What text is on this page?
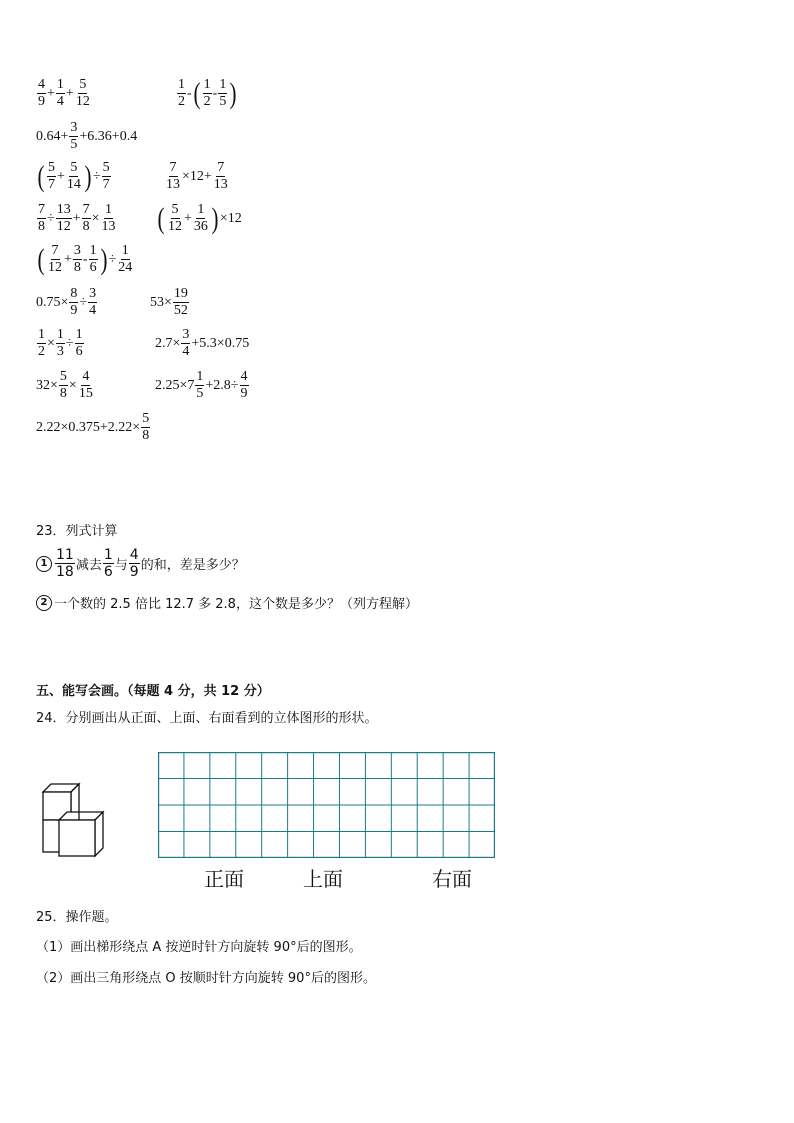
$\frac{4}{9} + \frac{1}{4} + \frac{5}{12}$	$\frac{1}{2}$ - ( $\frac{1}{2} - \frac{1}{5}$ )
$0.64+ \frac{3}{5} +6.36+0.4$
( $\frac{5}{7} + \frac{5}{14}$ ) ÷ $\frac{5}{7}$	$\frac{7}{13} \times 12+ \frac{7}{13}$
$\frac{7}{8} \div \frac{13}{12} + \frac{7}{8} \times \frac{1}{13}$ ( $\frac{5}{12} + \frac{1}{36}$ ) ×12
( $\frac{7}{12} + \frac{3}{8} - \frac{1}{6}$ ) ÷ $\frac{1}{24}$
$0.75\times \frac{8}{9} \div \frac{3}{4}$	$53\times \frac{19}{52}$
$\frac{1}{2} \times \frac{1}{3} \div \frac{1}{6}$	$2.7\times \frac{3}{4} +5.3\times 0.75$
$32\times \frac{5}{8} \times \frac{4}{15}$	$2.25\times 7 \frac{1}{5} +2.8\div \frac{4}{9}$
$2.22\times 0.375+2.22\times \frac{5}{8}$
23．列式计算
$1 \frac{11}{18}$ 减去 $\frac{1}{6}$ 与 $\frac{4}{9}$ 的和，差是多少？
2 一个数的 2.5 倍比 12.7 多 2.8，这个数是多少？（列方程解）
五、能写会画。（每题 4 分，共 12 分）
24．分别画出从正面、上面、右面看到的立体图形的形状。
正面	上面	右面
25．操作题。
（1）画出梯形绕点 A 按逆时针方向旋转 90°后的图形。
（2）画出三角形绕点 O 按顺时针方向旋转 90°后的图形。
